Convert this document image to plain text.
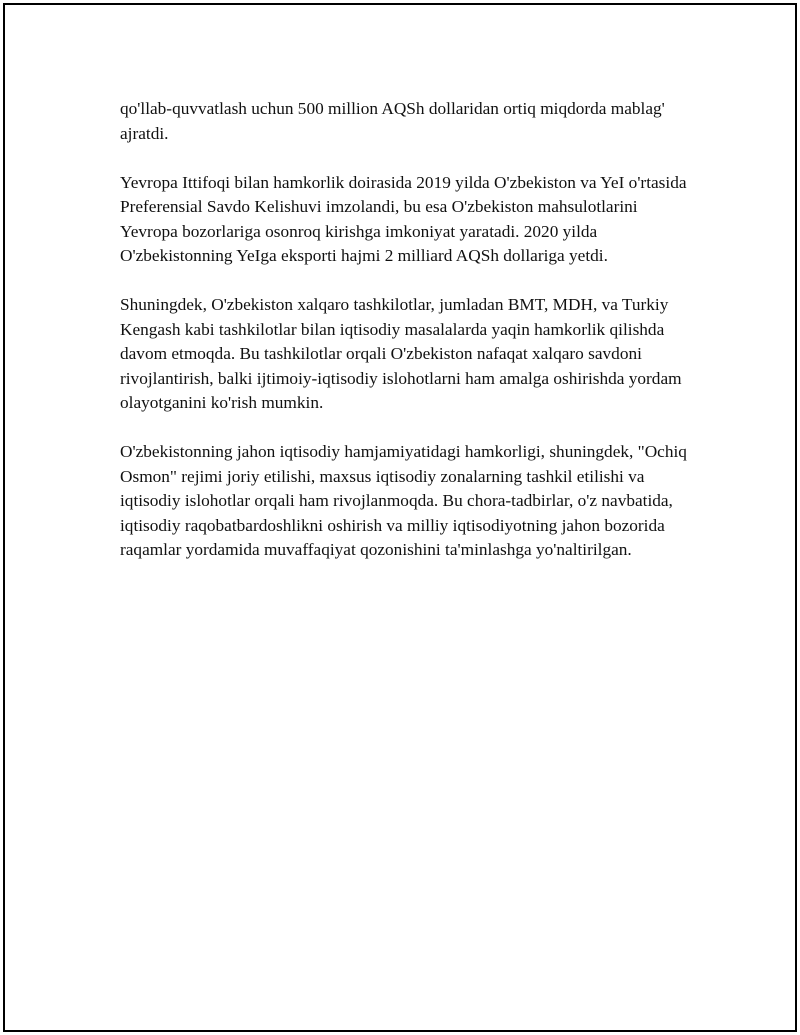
qo'llab-quvvatlash uchun 500 million AQSh dollaridan ortiq miqdorda mablag' ajratdi.

Yevropa Ittifoqi bilan hamkorlik doirasida 2019 yilda O'zbekiston va YeI o'rtasida Preferensial Savdo Kelishuvi imzolandi, bu esa O'zbekiston mahsulotlarini Yevropa bozorlariga osonroq kirishga imkoniyat yaratadi. 2020 yilda O'zbekistonning YeIga eksporti hajmi 2 milliard AQSh dollariga yetdi.

Shuningdek, O'zbekiston xalqaro tashkilotlar, jumladan BMT, MDH, va Turkiy Kengash kabi tashkilotlar bilan iqtisodiy masalalarda yaqin hamkorlik qilishda davom etmoqda. Bu tashkilotlar orqali O'zbekiston nafaqat xalqaro savdoni rivojlantirish, balki ijtimoiy-iqtisodiy islohotlarni ham amalga oshirishda yordam olayotganini ko'rish mumkin.

O'zbekistonning jahon iqtisodiy hamjamiyatidagi hamkorligi, shuningdek, "Ochiq Osmon" rejimi joriy etilishi, maxsus iqtisodiy zonalarning tashkil etilishi va iqtisodiy islohotlar orqali ham rivojlanmoqda. Bu chora-tadbirlar, o'z navbatida, iqtisodiy raqobatbardoshlikni oshirish va milliy iqtisodiyotning jahon bozorida raqamlar yordamida muvaffaqiyat qozonishini ta'minlashga yo'naltirilgan.
